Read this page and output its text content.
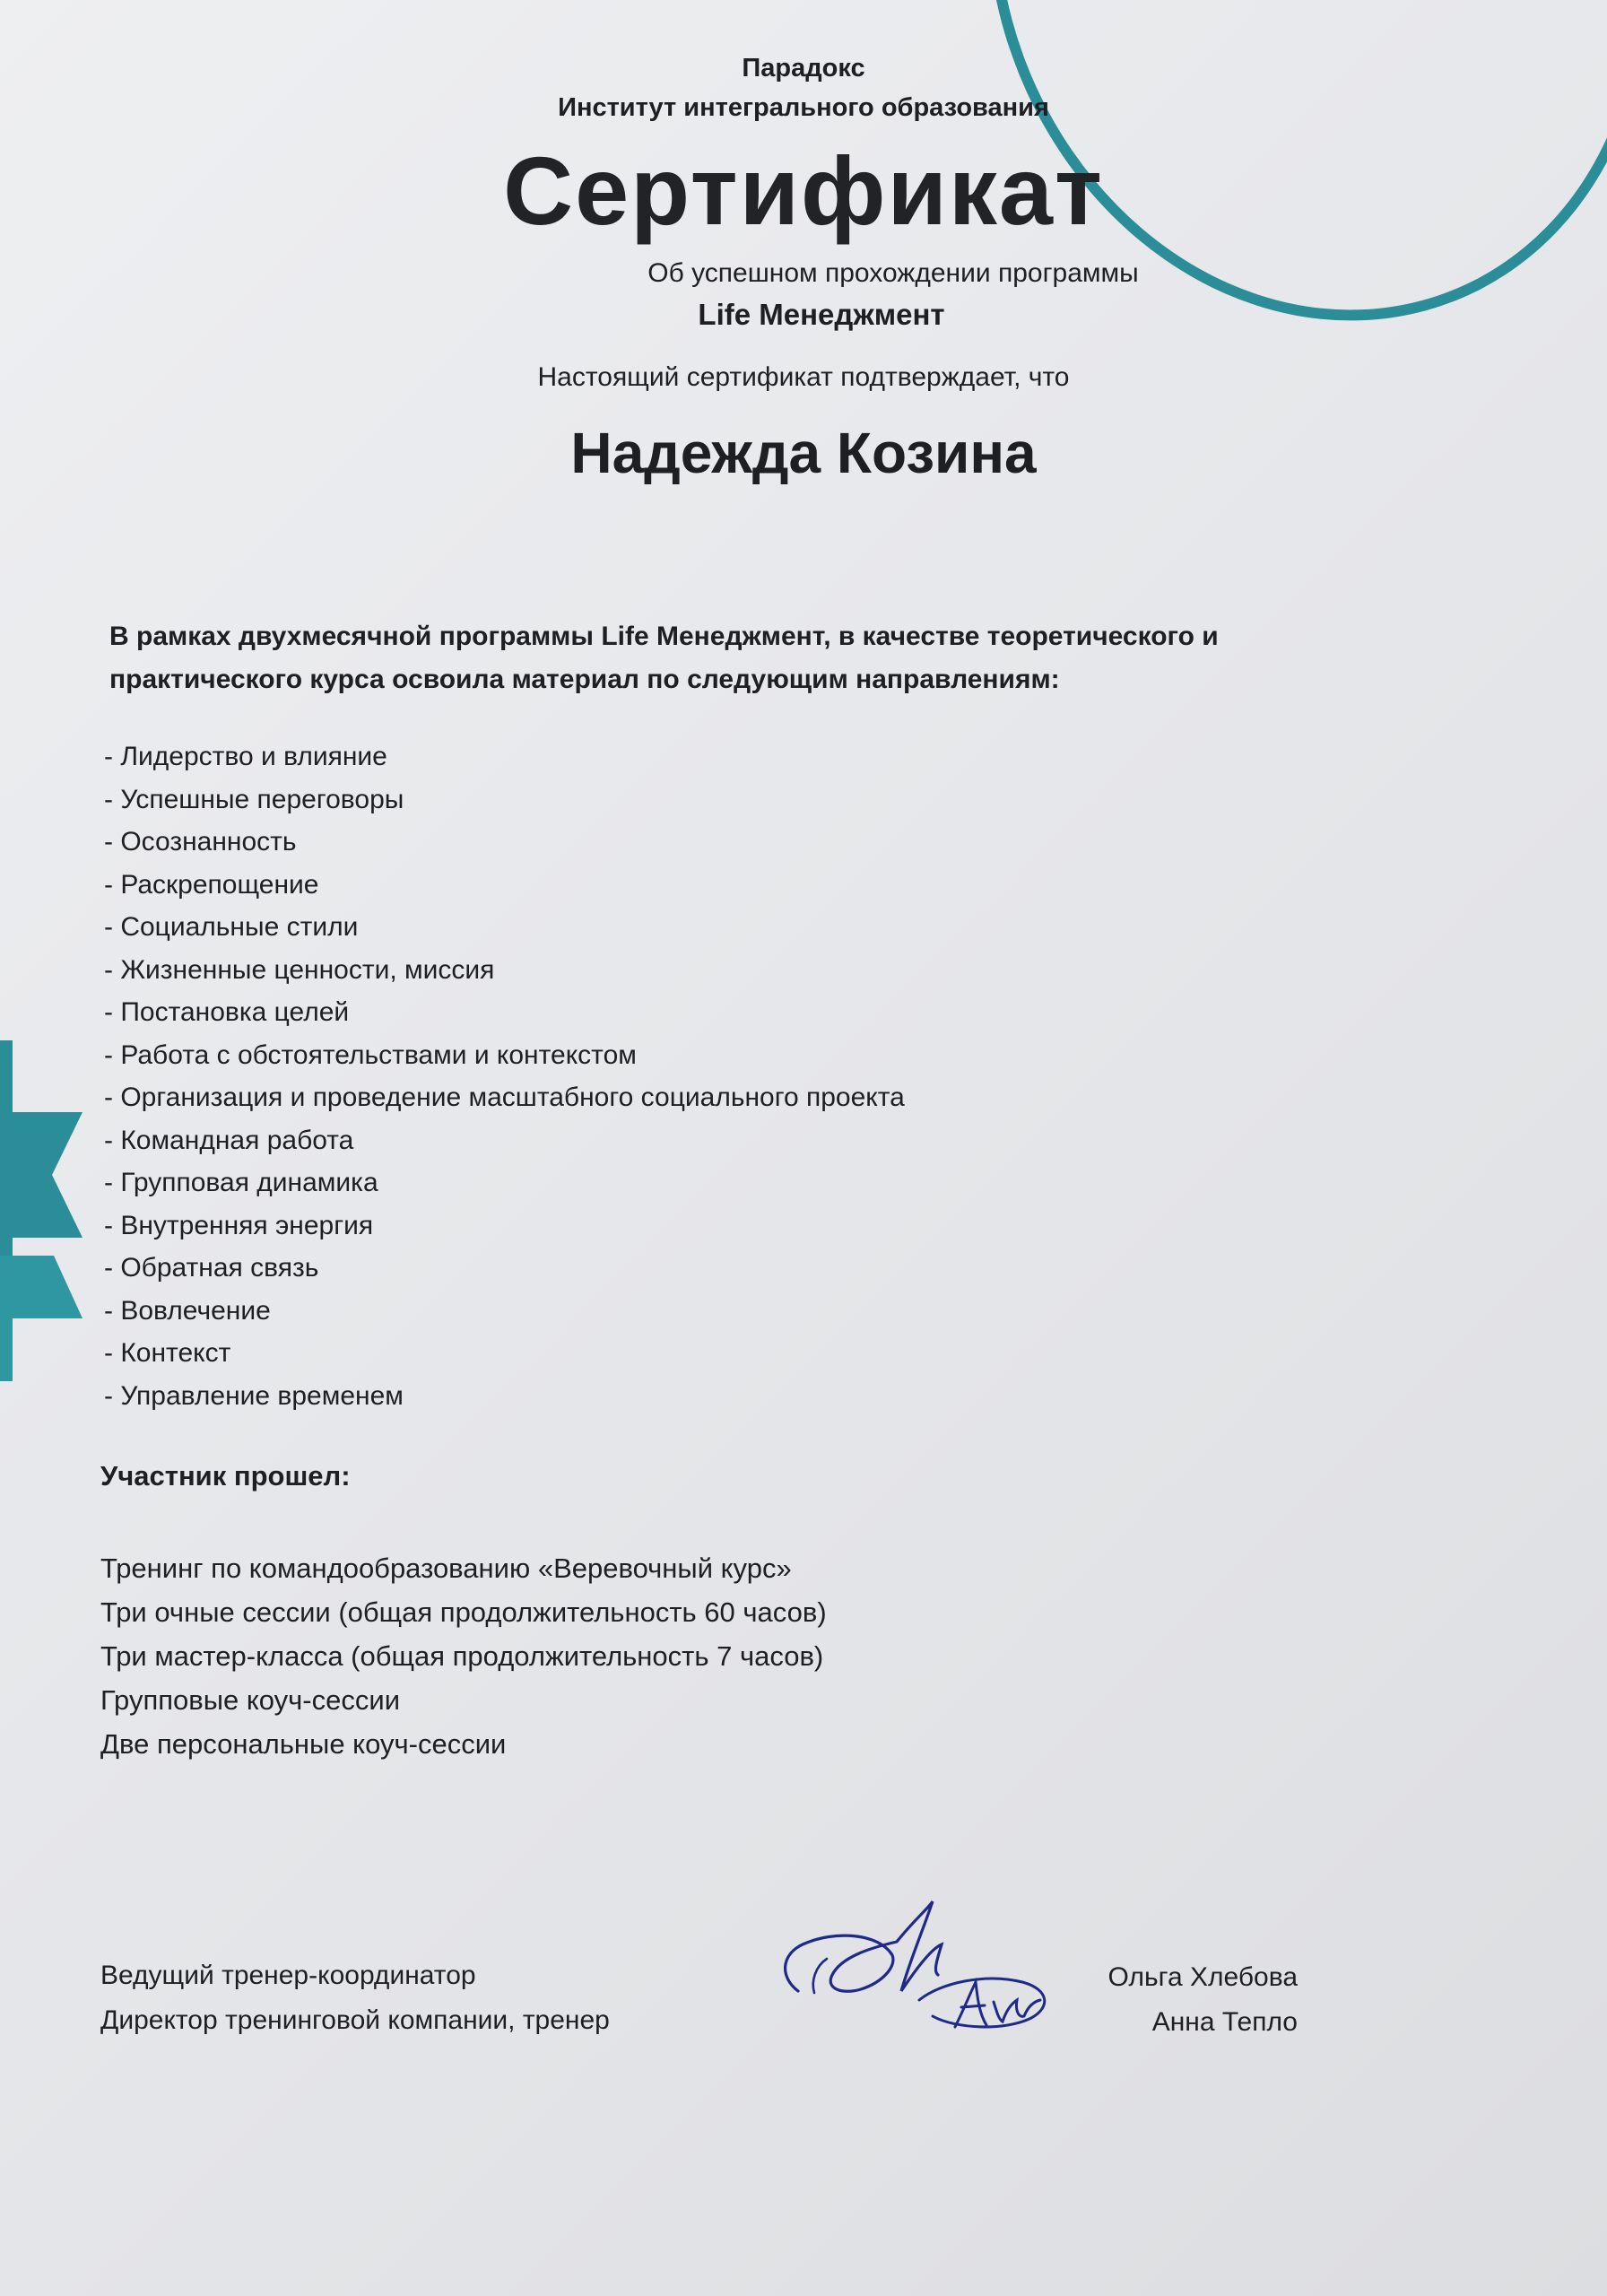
Парадокс
Институт интегрального образования
Сертификат
Об успешном прохождении программы
Life Менеджмент
Настоящий сертификат подтверждает, что
Надежда Козина
В рамках двухмесячной программы Life Менеджмент, в качестве теоретического и
практического курса освоила материал по следующим направлениям:
- Лидерство и влияние
- Успешные переговоры
- Осознанность
- Раскрепощение
- Социальные стили
- Жизненные ценности, миссия
- Постановка целей
- Работа с обстоятельствами и контекстом
- Организация и проведение масштабного социального проекта
- Командная работа
- Групповая динамика
- Внутренняя энергия
- Обратная связь
- Вовлечение
- Контекст
- Управление временем
Участник прошел:
Тренинг по командообразованию «Веревочный курс»
Три очные сессии (общая продолжительность 60 часов)
Три мастер-класса (общая продолжительность 7 часов)
Групповые коуч-сессии
Две персональные коуч-сессии
Ведущий тренер-координатор
Директор тренинговой компании, тренер
Ольга Хлебова
Анна Тепло
